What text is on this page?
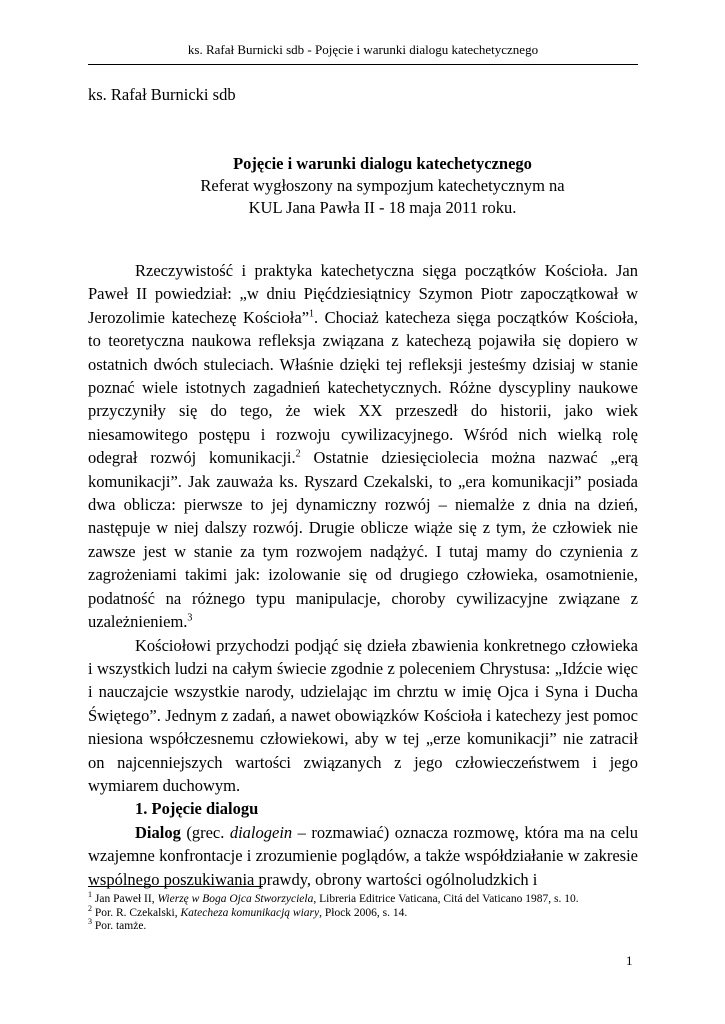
ks. Rafał Burnicki sdb - Pojęcie i warunki dialogu katechetycznego
ks. Rafał Burnicki sdb
Pojęcie i warunki dialogu katechetycznego
Referat wygłoszony na sympozjum katechetycznym na
KUL Jana Pawła II - 18 maja 2011 roku.

Rzeczywistość i praktyka katechetyczna sięga początków Kościoła. Jan Paweł II powiedział: „w dniu Pięćdziesiątnicy Szymon Piotr zapoczątkował w Jerozolimie katechezę Kościoła”$^1$. Chociaż katecheza sięga początków Kościoła, to teoretyczna naukowa refleksja związana z katechezą pojawiła się dopiero w ostatnich dwóch stuleciach. Właśnie dzięki tej refleksji jesteśmy dzisiaj w stanie poznać wiele istotnych zagadnień katechetycznych. Różne dyscypliny naukowe przyczyniły się do tego, że wiek XX przeszedł do historii, jako wiek niesamowitego postępu i rozwoju cywilizacyjnego. Wśród nich wielką rolę odegrał rozwój komunikacji.$^2$ Ostatnie dziesięciolecia można nazwać „erą komunikacji”. Jak zauważa ks. Ryszard Czekalski, to „era komunikacji” posiada dwa oblicza: pierwsze to jej dynamiczny rozwój – niemalże z dnia na dzień, następuje w niej dalszy rozwój. Drugie oblicze wiąże się z tym, że człowiek nie zawsze jest w stanie za tym rozwojem nadążyć. I tutaj mamy do czynienia z zagrożeniami takimi jak: izolowanie się od drugiego człowieka, osamotnienie, podatność na różnego typu manipulacje, choroby cywilizacyjne związane z uzależnieniem.$^3$

Kościołowi przychodzi podjąć się dzieła zbawienia konkretnego człowieka i wszystkich ludzi na całym świecie zgodnie z poleceniem Chrystusa: „Idźcie więc i nauczajcie wszystkie narody, udzielając im chrztu w imię Ojca i Syna i Ducha Świętego”. Jednym z zadań, a nawet obowiązków Kościoła i katechezy jest pomoc niesiona współczesnemu człowiekowi, aby w tej „erze komunikacji” nie zatracił on najcenniejszych wartości związanych z jego człowieczeństwem i jego wymiarem duchowym.

1. Pojęcie dialogu

Dialog (grec. dialogein – rozmawiać) oznacza rozmowę, która ma na celu wzajemne konfrontacje i zrozumienie poglądów, a także współdziałanie w zakresie wspólnego poszukiwania prawdy, obrony wartości ogólnoludzkich i

$^1$ Jan Paweł II, Wierzę w Boga Ojca Stworzyciela, Libreria Editrice Vaticana, Citá del Vaticano 1987, s. 10.
$^2$ Por. R. Czekalski, Katecheza komunikacją wiary, Płock 2006, s. 14.
$^3$ Por. tamże.
1
